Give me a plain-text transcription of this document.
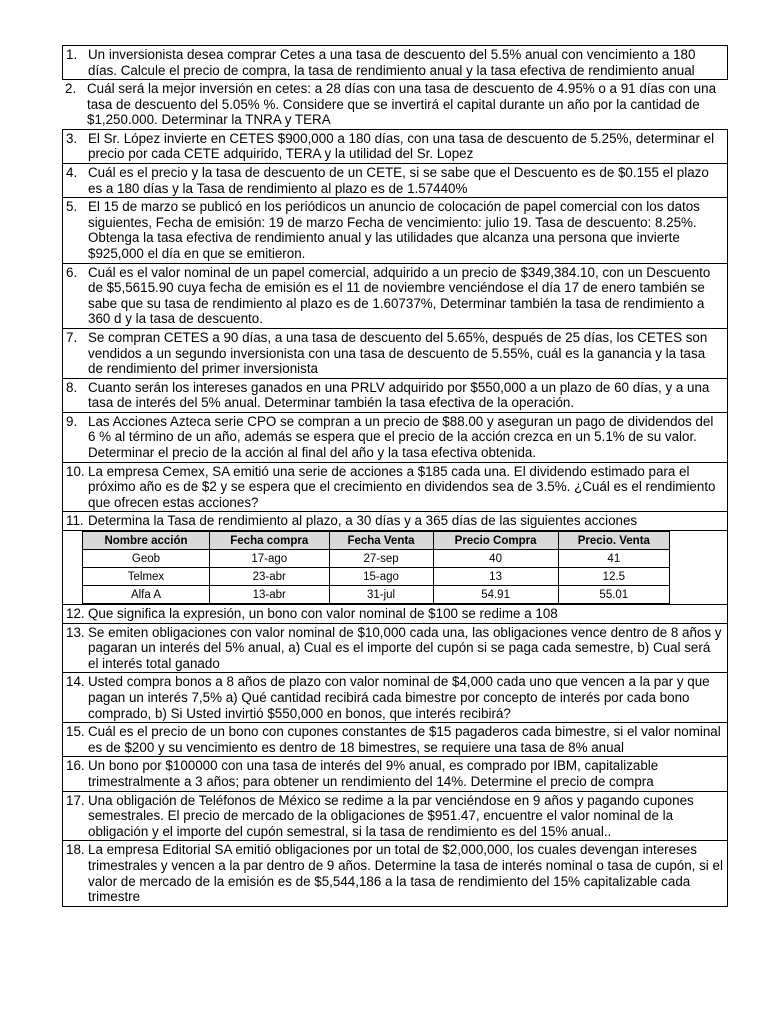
1. Un inversionista desea comprar Cetes a una tasa de descuento del 5.5% anual con vencimiento a 180 días. Calcule el precio de compra, la tasa de rendimiento anual y la tasa efectiva de rendimiento anual
2. Cuál será la mejor inversión en cetes: a 28 días con una tasa de descuento de 4.95% o a 91 días con una tasa de descuento del 5.05% %. Considere que se invertirá el capital durante un año por la cantidad de $1,250.000. Determinar la TNRA y TERA
3. El Sr. López invierte en CETES $900,000 a 180 días, con una tasa de descuento de 5.25%, determinar el precio por cada CETE adquirido, TERA y la utilidad del Sr. Lopez
4. Cuál es el precio y la tasa de descuento de un CETE, si se sabe que el Descuento es de $0.155 el plazo es a 180 días y la Tasa de rendimiento al plazo es de 1.57440%
5. El 15 de marzo se publicó en los periódicos un anuncio de colocación de papel comercial con los datos siguientes, Fecha de emisión: 19 de marzo Fecha de vencimiento: julio 19. Tasa de descuento: 8.25%. Obtenga la tasa efectiva de rendimiento anual y las utilidades que alcanza una persona que invierte $925,000 el día en que se emitieron.
6. Cuál es el valor nominal de un papel comercial, adquirido a un precio de $349,384.10, con un Descuento de $5,5615.90 cuya fecha de emisión es el 11 de noviembre venciéndose el día 17 de enero también se sabe que su tasa de rendimiento al plazo es de 1.60737%, Determinar también la tasa de rendimiento a 360 d y la tasa de descuento.
7. Se compran CETES a 90 días, a una tasa de descuento del 5.65%, después de 25 días, los CETES son vendidos a un segundo inversionista con una tasa de descuento de 5.55%, cuál es la ganancia y la tasa de rendimiento del primer inversionista
8. Cuanto serán los intereses ganados en una PRLV adquirido por $550,000 a un plazo de 60 días, y a una tasa de interés del 5% anual. Determinar también la tasa efectiva de la operación.
9. Las Acciones Azteca serie CPO se compran a un precio de $88.00 y aseguran un pago de dividendos del 6 % al término de un año, además se espera que el precio de la acción crezca en un 5.1% de su valor. Determinar el precio de la acción al final del año y la tasa efectiva obtenida.
10. La empresa Cemex, SA emitió una serie de acciones a $185 cada una. El dividendo estimado para el próximo año es de $2 y se espera que el crecimiento en dividendos sea de 3.5%. ¿Cuál es el rendimiento que ofrecen estas acciones?
11. Determina la Tasa de rendimiento al plazo, a 30 días y a 365 días de las siguientes acciones
Nombre acción	Fecha compra	Fecha Venta	Precio Compra	Precio. Venta
Geob	17-ago	27-sep	40	41
Telmex	23-abr	15-ago	13	12.5
Alfa A	13-abr	31-jul	54.91	55.01
12. Que significa la expresión, un bono con valor nominal de $100 se redime a 108
13. Se emiten obligaciones con valor nominal de $10,000 cada una, las obligaciones vence dentro de 8 años y pagaran un interés del 5% anual, a) Cual es el importe del cupón si se paga cada semestre, b) Cual será el interés total ganado
14. Usted compra bonos a 8 años de plazo con valor nominal de $4,000 cada uno que vencen a la par y que pagan un interés 7,5% a) Qué cantidad recibirá cada bimestre por concepto de interés por cada bono comprado, b) Si Usted invirtió $550,000 en bonos, que interés recibirá?
15. Cuál es el precio de un bono con cupones constantes de $15 pagaderos cada bimestre, si el valor nominal es de $200 y su vencimiento es dentro de 18 bimestres, se requiere una tasa de 8% anual
16. Un bono por $100000 con una tasa de interés del 9% anual, es comprado por IBM, capitalizable trimestralmente a 3 años; para obtener un rendimiento del 14%. Determine el precio de compra
17. Una obligación de Teléfonos de México se redime a la par venciéndose en 9 años y pagando cupones semestrales. El precio de mercado de la obligaciones de $951.47, encuentre el valor nominal de la obligación y el importe del cupón semestral, si la tasa de rendimiento es del 15% anual..
18. La empresa Editorial SA emitió obligaciones por un total de $2,000,000, los cuales devengan intereses trimestrales y vencen a la par dentro de 9 años. Determine la tasa de interés nominal o tasa de cupón, si el valor de mercado de la emisión es de $5,544,186 a la tasa de rendimiento del 15% capitalizable cada trimestre
